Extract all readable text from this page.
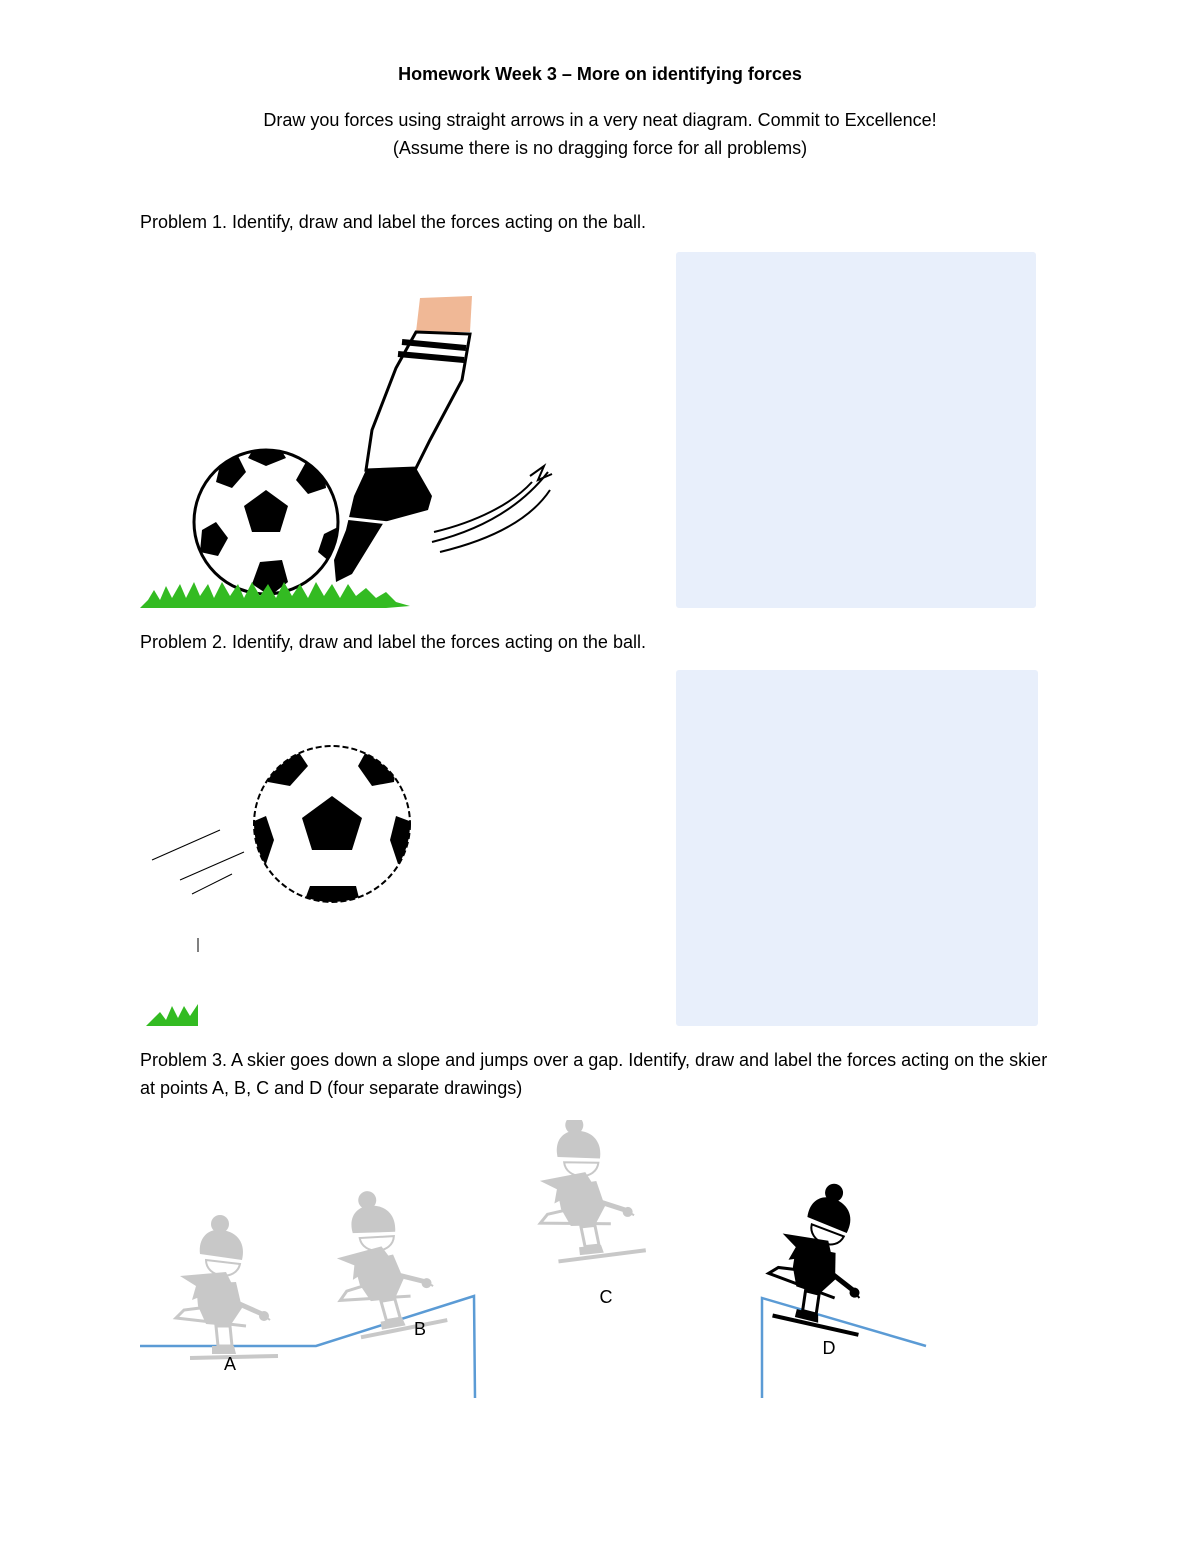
Homework Week 3 – More on identifying forces
Draw you forces using straight arrows in a very neat diagram. Commit to Excellence!
(Assume there is no dragging force for all problems)
Problem 1. Identify, draw and label the forces acting on the ball.
Problem 2. Identify, draw and label the forces acting on the ball.
Problem 3. A skier goes down a slope and jumps over a gap. Identify, draw and label the forces acting on the skier at points A, B, C and D (four separate drawings)
A
B
C
D
